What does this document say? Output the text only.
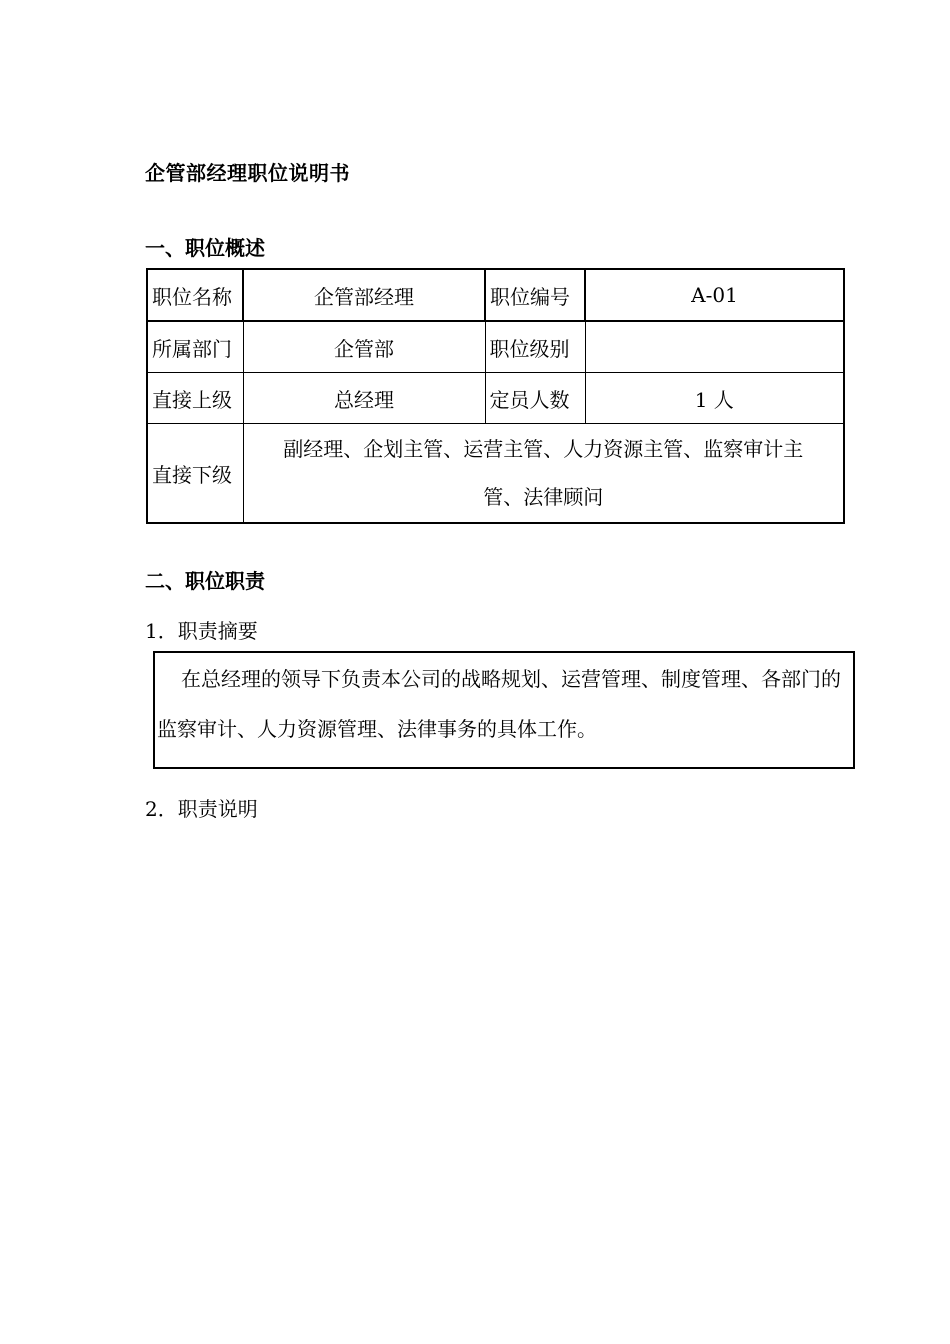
企管部经理职位说明书
一、职位概述
职位名称	企管部经理	职位编号	A-01
所属部门	企管部	职位级别	
直接上级	总经理	定员人数	1 人
直接下级	副经理、企划主管、运营主管、人力资源主管、监察审计主
管、法律顾问		
二、职位职责
1．职责摘要
在总经理的领导下负责本公司的战略规划、运营管理、制度管理、各部门的监察审计、人力资源管理、法律事务的具体工作。
2．职责说明
